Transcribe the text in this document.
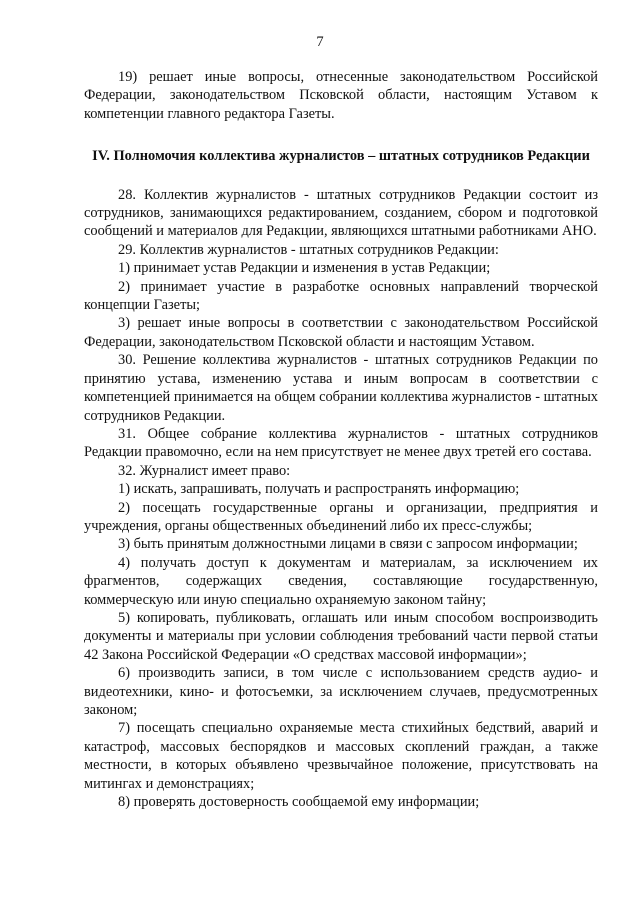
7

19) решает иные вопросы, отнесенные законодательством Российской Федерации, законодательством Псковской области, настоящим Уставом к компетенции главного редактора Газеты.

IV. Полномочия коллектива журналистов – штатных сотрудников Редакции

28. Коллектив журналистов - штатных сотрудников Редакции состоит из сотрудников, занимающихся редактированием, созданием, сбором и подготовкой сообщений и материалов для Редакции, являющихся штатными работниками АНО.

29. Коллектив журналистов - штатных сотрудников Редакции:

1) принимает устав Редакции и изменения в устав Редакции;

2) принимает участие в разработке основных направлений творческой концепции Газеты;

3) решает иные вопросы в соответствии с законодательством Российской Федерации, законодательством Псковской области и настоящим Уставом.

30. Решение коллектива журналистов - штатных сотрудников Редакции по принятию устава, изменению устава и иным вопросам в соответствии с компетенцией принимается на общем собрании коллектива журналистов - штатных сотрудников Редакции.

31. Общее собрание коллектива журналистов - штатных сотрудников Редакции правомочно, если на нем присутствует не менее двух третей его состава.

32. Журналист имеет право:

1) искать, запрашивать, получать и распространять информацию;

2) посещать государственные органы и организации, предприятия и учреждения, органы общественных объединений либо их пресс-службы;

3) быть принятым должностными лицами в связи с запросом информации;

4) получать доступ к документам и материалам, за исключением их фрагментов, содержащих сведения, составляющие государственную, коммерческую или иную специально охраняемую законом тайну;

5) копировать, публиковать, оглашать или иным способом воспроизводить документы и материалы при условии соблюдения требований части первой статьи 42 Закона Российской Федерации «О средствах массовой информации»;

6) производить записи, в том числе с использованием средств аудио- и видеотехники, кино- и фотосъемки, за исключением случаев, предусмотренных законом;

7) посещать специально охраняемые места стихийных бедствий, аварий и катастроф, массовых беспорядков и массовых скоплений граждан, а также местности, в которых объявлено чрезвычайное положение, присутствовать на митингах и демонстрациях;

8) проверять достоверность сообщаемой ему информации;
